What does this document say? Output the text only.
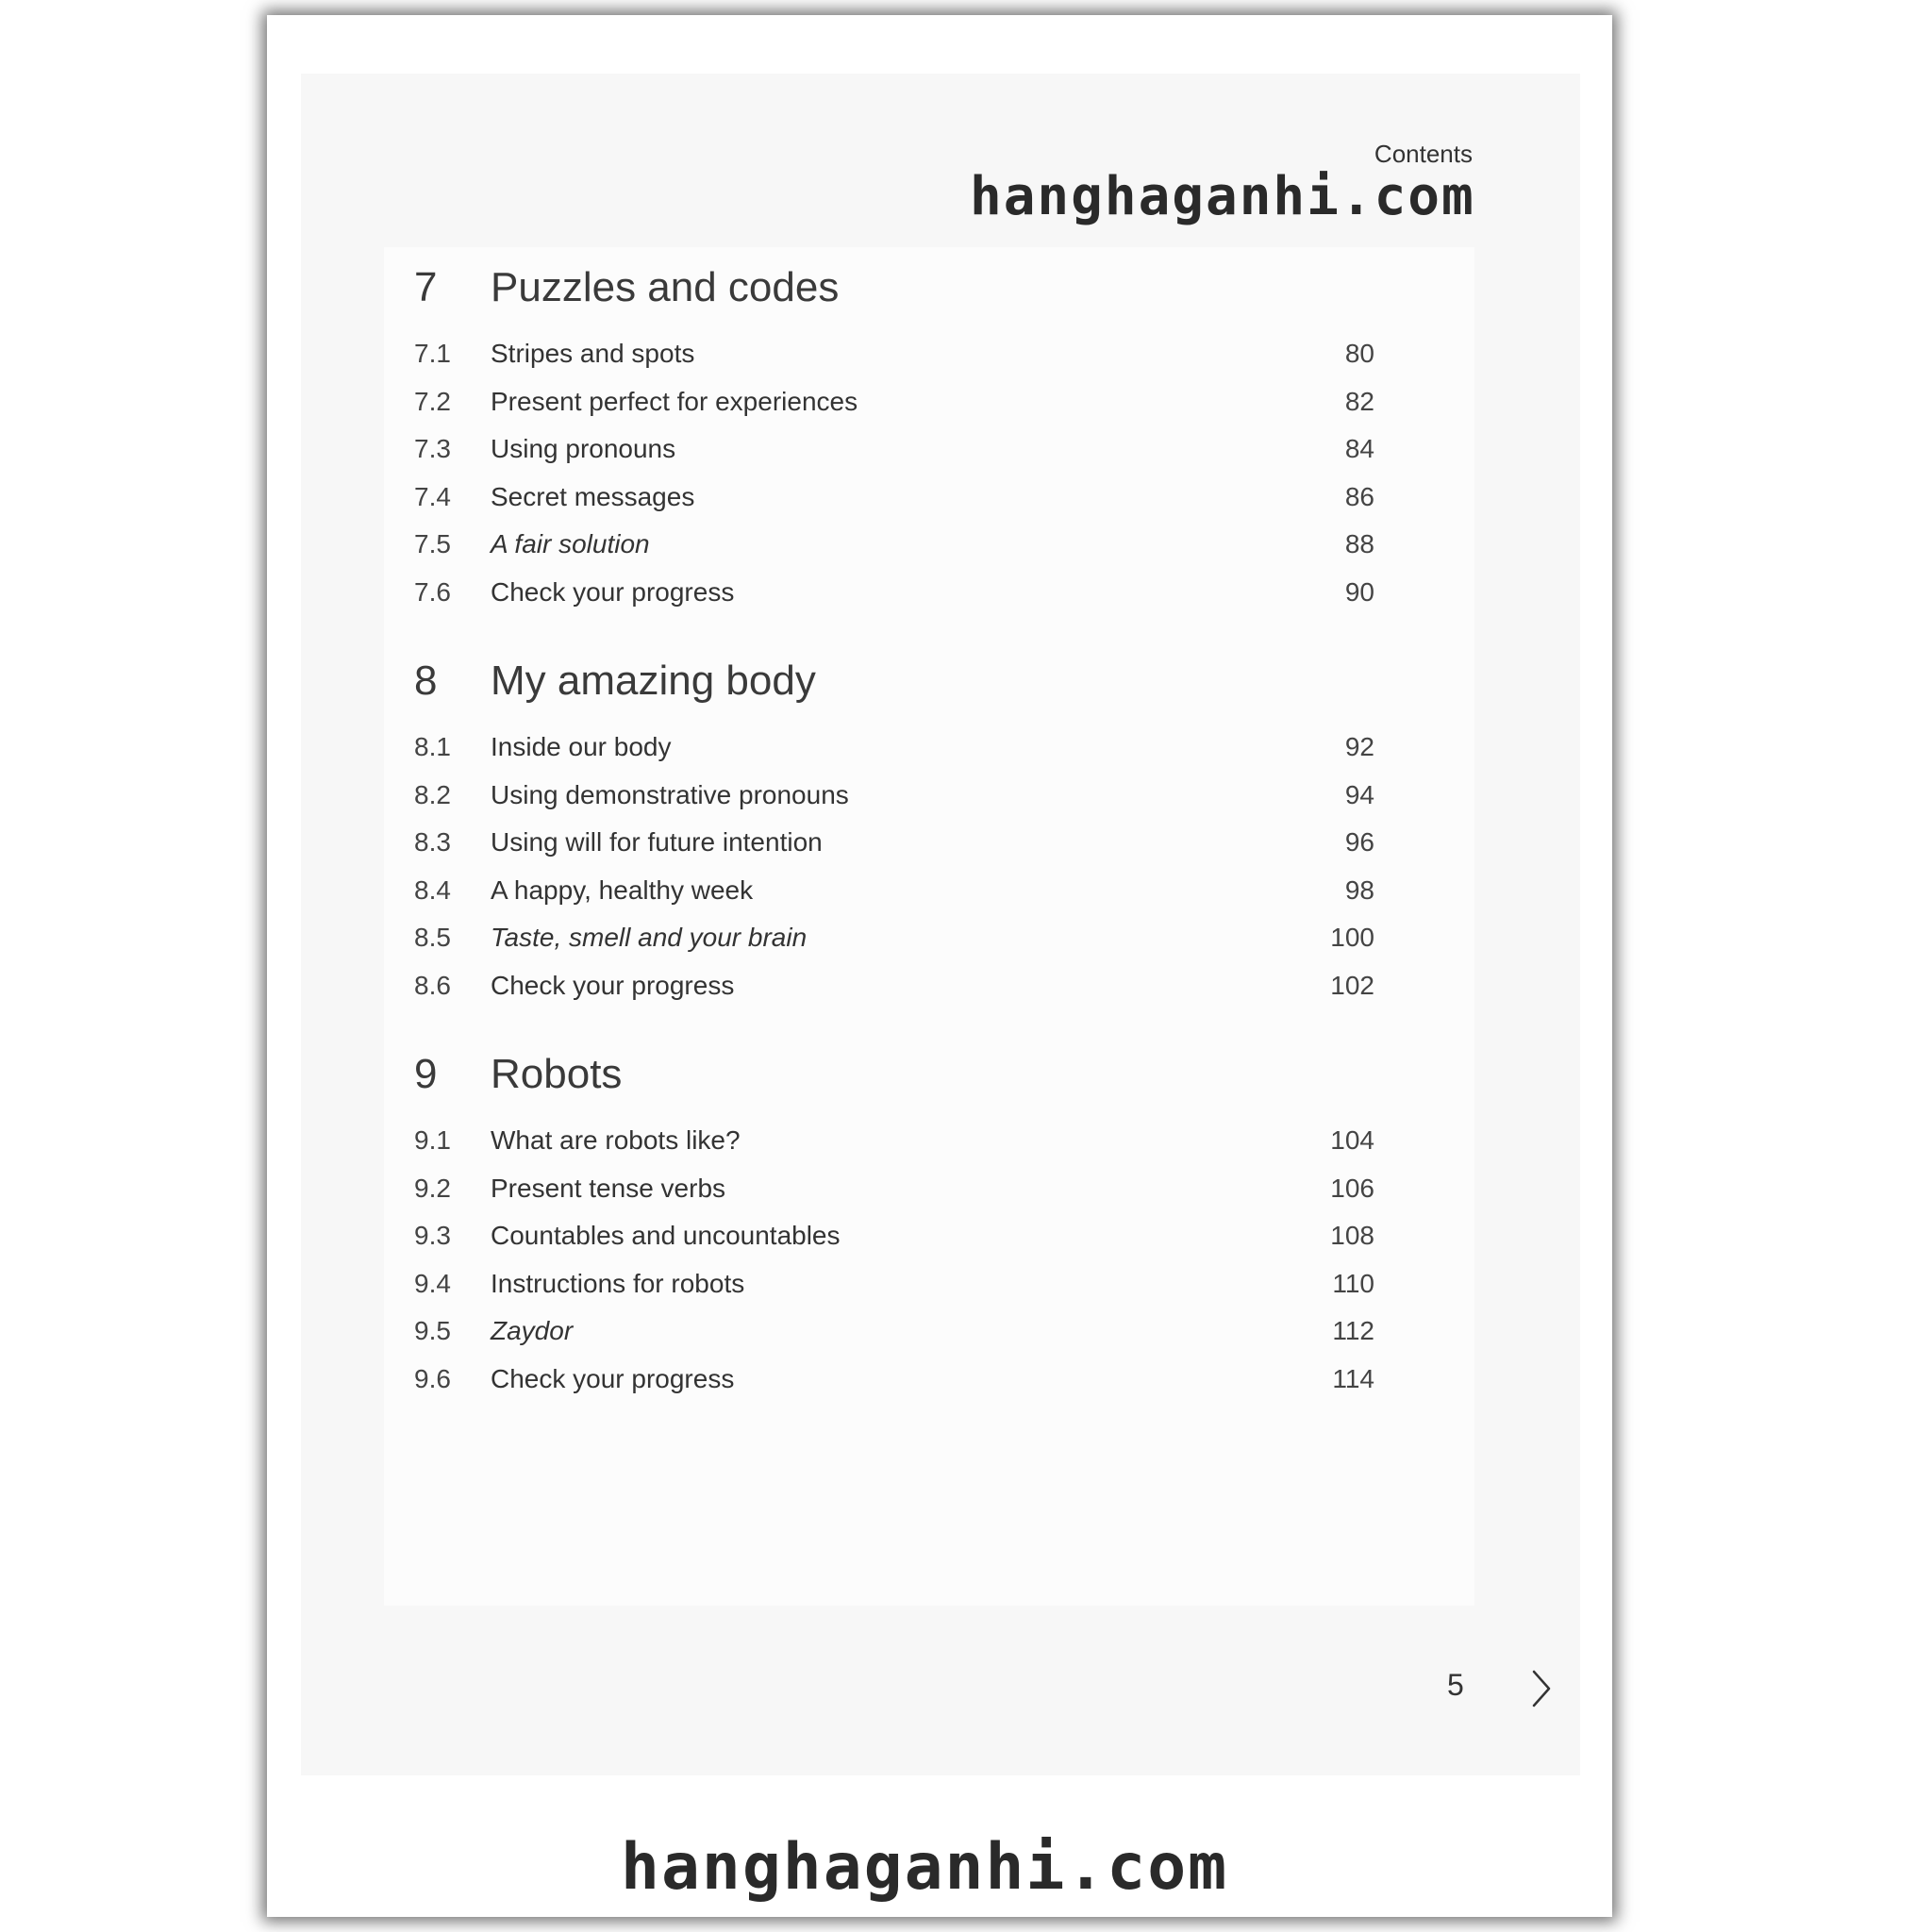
Contents
hanghaganhi.com
7	Puzzles and codes
7.1	Stripes and spots	80
7.2	Present perfect for experiences	82
7.3	Using pronouns	84
7.4	Secret messages	86
7.5	A fair solution	88
7.6	Check your progress	90
8	My amazing body
8.1	Inside our body	92
8.2	Using demonstrative pronouns	94
8.3	Using will for future intention	96
8.4	A happy, healthy week	98
8.5	Taste, smell and your brain	100
8.6	Check your progress	102
9	Robots
9.1	What are robots like?	104
9.2	Present tense verbs	106
9.3	Countables and uncountables	108
9.4	Instructions for robots	110
9.5	Zaydor	112
9.6	Check your progress	114
5
hanghaganhi.com
